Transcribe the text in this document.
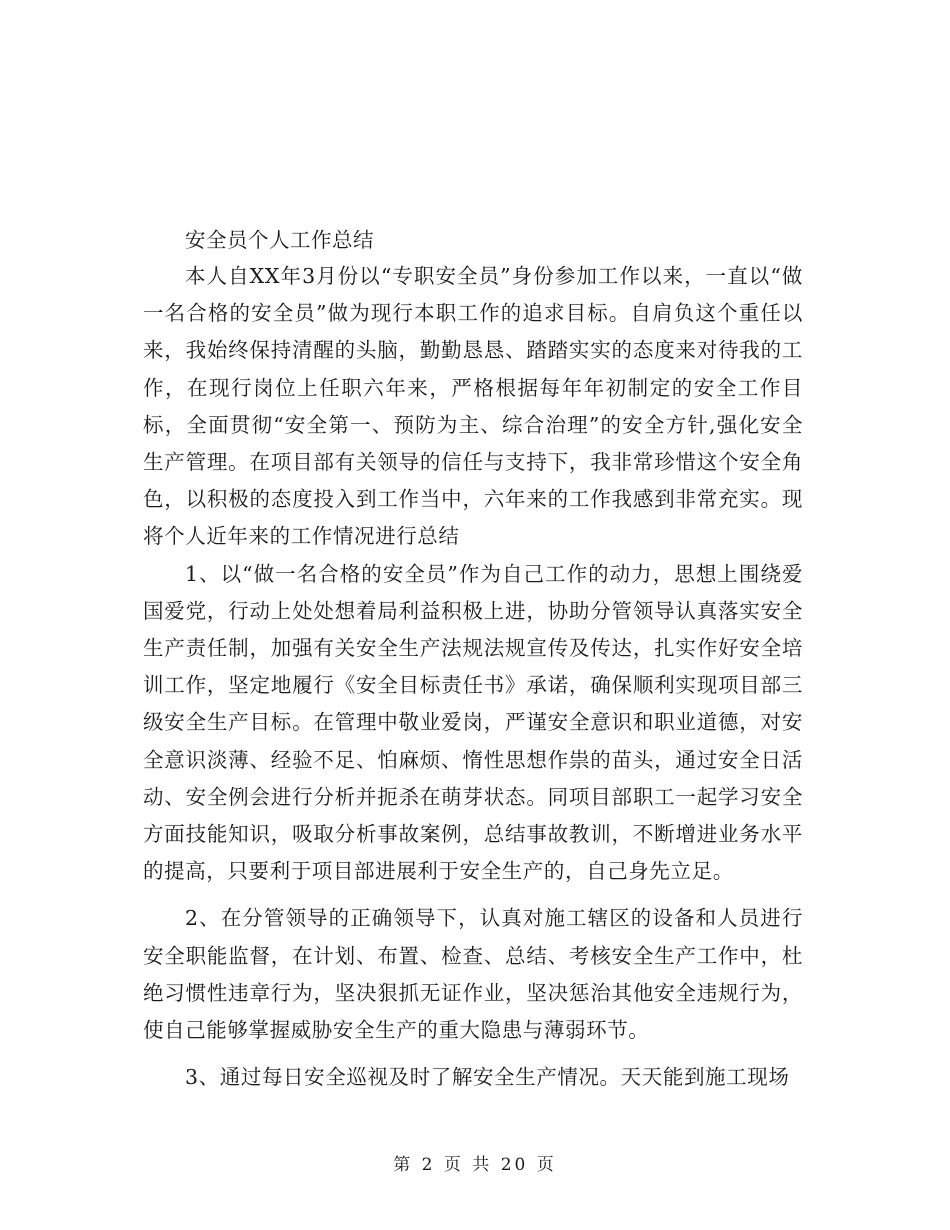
安全员个人工作总结

本人自XX年3月份以“专职安全员”身份参加工作以来，一直以“做一名合格的安全员”做为现行本职工作的追求目标。自肩负这个重任以来，我始终保持清醒的头脑，勤勤恳恳、踏踏实实的态度来对待我的工作，在现行岗位上任职六年来，严格根据每年年初制定的安全工作目标，全面贯彻“安全第一、预防为主、综合治理”的安全方针,强化安全生产管理。在项目部有关领导的信任与支持下，我非常珍惜这个安全角色，以积极的态度投入到工作当中，六年来的工作我感到非常充实。现将个人近年来的工作情况进行总结

1、以“做一名合格的安全员”作为自己工作的动力，思想上围绕爱国爱党，行动上处处想着局利益积极上进，协助分管领导认真落实安全生产责任制，加强有关安全生产法规法规宣传及传达，扎实作好安全培训工作，坚定地履行《安全目标责任书》承诺，确保顺利实现项目部三级安全生产目标。在管理中敬业爱岗，严谨安全意识和职业道德，对安全意识淡薄、经验不足、怕麻烦、惰性思想作祟的苗头，通过安全日活动、安全例会进行分析并扼杀在萌芽状态。同项目部职工一起学习安全方面技能知识，吸取分析事故案例，总结事故教训，不断增进业务水平的提高，只要利于项目部进展利于安全生产的，自己身先立足。

2、在分管领导的正确领导下，认真对施工辖区的设备和人员进行安全职能监督，在计划、布置、检查、总结、考核安全生产工作中，杜绝习惯性违章行为，坚决狠抓无证作业，坚决惩治其他安全违规行为，使自己能够掌握威胁安全生产的重大隐患与薄弱环节。

3、通过每日安全巡视及时了解安全生产情况。天天能到施工现场

第 2 页 共 20 页
